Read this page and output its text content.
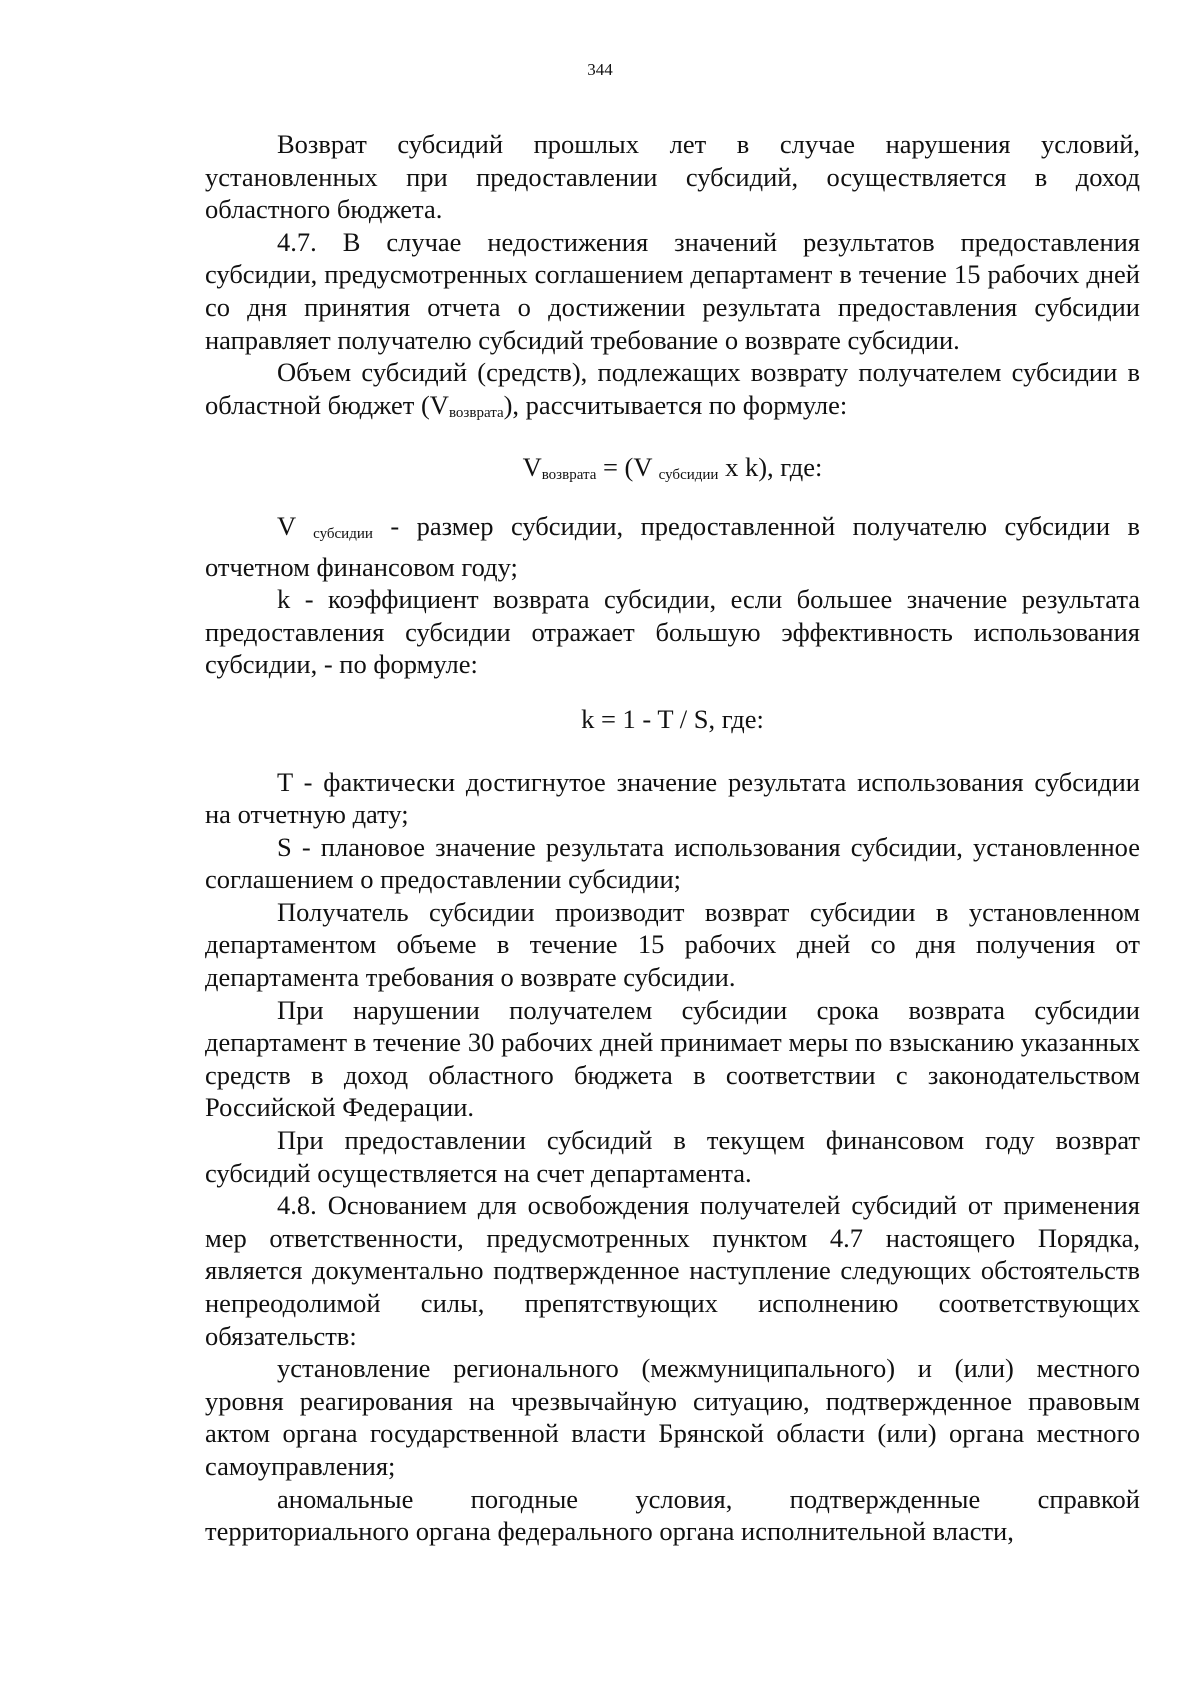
344

Возврат субсидий прошлых лет в случае нарушения условий, установленных при предоставлении субсидий, осуществляется в доход областного бюджета.

4.7. В случае недостижения значений результатов предоставления субсидии, предусмотренных соглашением департамент в течение 15 рабочих дней со дня принятия отчета о достижении результата предоставления субсидии направляет получателю субсидий требование о возврате субсидии.

Объем субсидий (средств), подлежащих возврату получателем субсидии в областной бюджет $(V_{возврата})$, рассчитывается по формуле:

$V_{возврата} = (V$ $_{субсидии}$ x k), где:

V $_{субсидии}$ - размер субсидии, предоставленной получателю субсидии в отчетном финансовом году;

k - коэффициент возврата субсидии, если большее значение результата предоставления субсидии отражает большую эффективность использования субсидии, - по формуле:

k = 1 - T / S, где:

T - фактически достигнутое значение результата использования субсидии на отчетную дату;

S - плановое значение результата использования субсидии, установленное соглашением о предоставлении субсидии;

Получатель субсидии производит возврат субсидии в установленном департаментом объеме в течение 15 рабочих дней со дня получения от департамента требования о возврате субсидии.

При нарушении получателем субсидии срока возврата субсидии департамент в течение 30 рабочих дней принимает меры по взысканию указанных средств в доход областного бюджета в соответствии с законодательством Российской Федерации.

При предоставлении субсидий в текущем финансовом году возврат субсидий осуществляется на счет департамента.

4.8. Основанием для освобождения получателей субсидий от применения мер ответственности, предусмотренных пунктом 4.7 настоящего Порядка, является документально подтвержденное наступление следующих обстоятельств непреодолимой силы, препятствующих исполнению соответствующих обязательств:

установление регионального (межмуниципального) и (или) местного уровня реагирования на чрезвычайную ситуацию, подтвержденное правовым актом органа государственной власти Брянской области (или) органа местного самоуправления;

аномальные погодные условия, подтвержденные справкой территориального органа федерального органа исполнительной власти,
